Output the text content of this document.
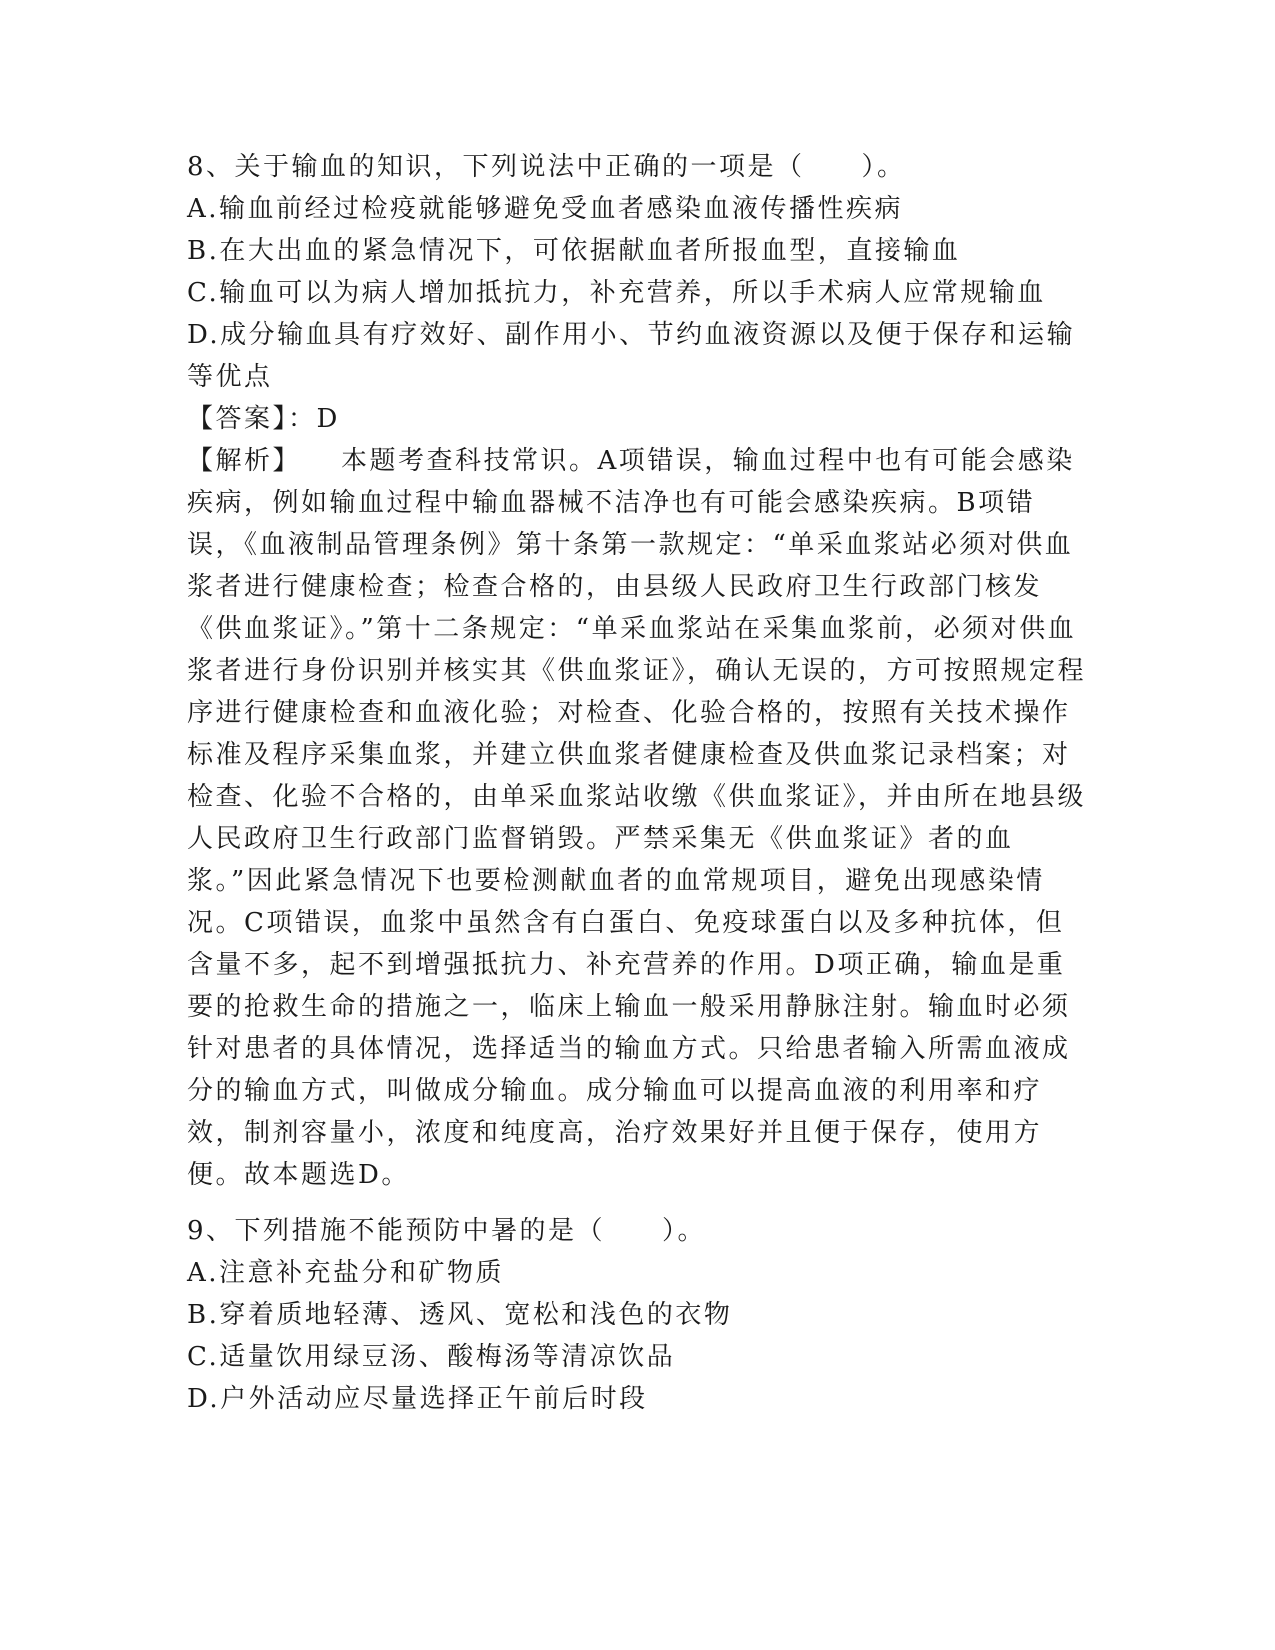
8、关于输血的知识，下列说法中正确的一项是（　　）。
A.输血前经过检疫就能够避免受血者感染血液传播性疾病
B.在大出血的紧急情况下，可依据献血者所报血型，直接输血
C.输血可以为病人增加抵抗力，补充营养，所以手术病人应常规输血
D.成分输血具有疗效好、副作用小、节约血液资源以及便于保存和运输等优点
【答案】：D
【解析】 本题考查科技常识。A项错误，输血过程中也有可能会感染疾病，例如输血过程中输血器械不洁净也有可能会感染疾病。B项错误，《血液制品管理条例》第十条第一款规定：“单采血浆站必须对供血浆者进行健康检查；检查合格的，由县级人民政府卫生行政部门核发《供血浆证》。”第十二条规定：“单采血浆站在采集血浆前，必须对供血浆者进行身份识别并核实其《供血浆证》，确认无误的，方可按照规定程序进行健康检查和血液化验；对检查、化验合格的，按照有关技术操作标准及程序采集血浆，并建立供血浆者健康检查及供血浆记录档案；对检查、化验不合格的，由单采血浆站收缴《供血浆证》，并由所在地县级人民政府卫生行政部门监督销毁。严禁采集无《供血浆证》者的血浆。”因此紧急情况下也要检测献血者的血常规项目，避免出现感染情况。C项错误，血浆中虽然含有白蛋白、免疫球蛋白以及多种抗体，但含量不多，起不到增强抵抗力、补充营养的作用。D项正确，输血是重要的抢救生命的措施之一，临床上输血一般采用静脉注射。输血时必须针对患者的具体情况，选择适当的输血方式。只给患者输入所需血液成分的输血方式，叫做成分输血。成分输血可以提高血液的利用率和疗效，制剂容量小，浓度和纯度高，治疗效果好并且便于保存，使用方便。故本题选D。
9、下列措施不能预防中暑的是（　　）。
A.注意补充盐分和矿物质
B.穿着质地轻薄、透风、宽松和浅色的衣物
C.适量饮用绿豆汤、酸梅汤等清凉饮品
D.户外活动应尽量选择正午前后时段
